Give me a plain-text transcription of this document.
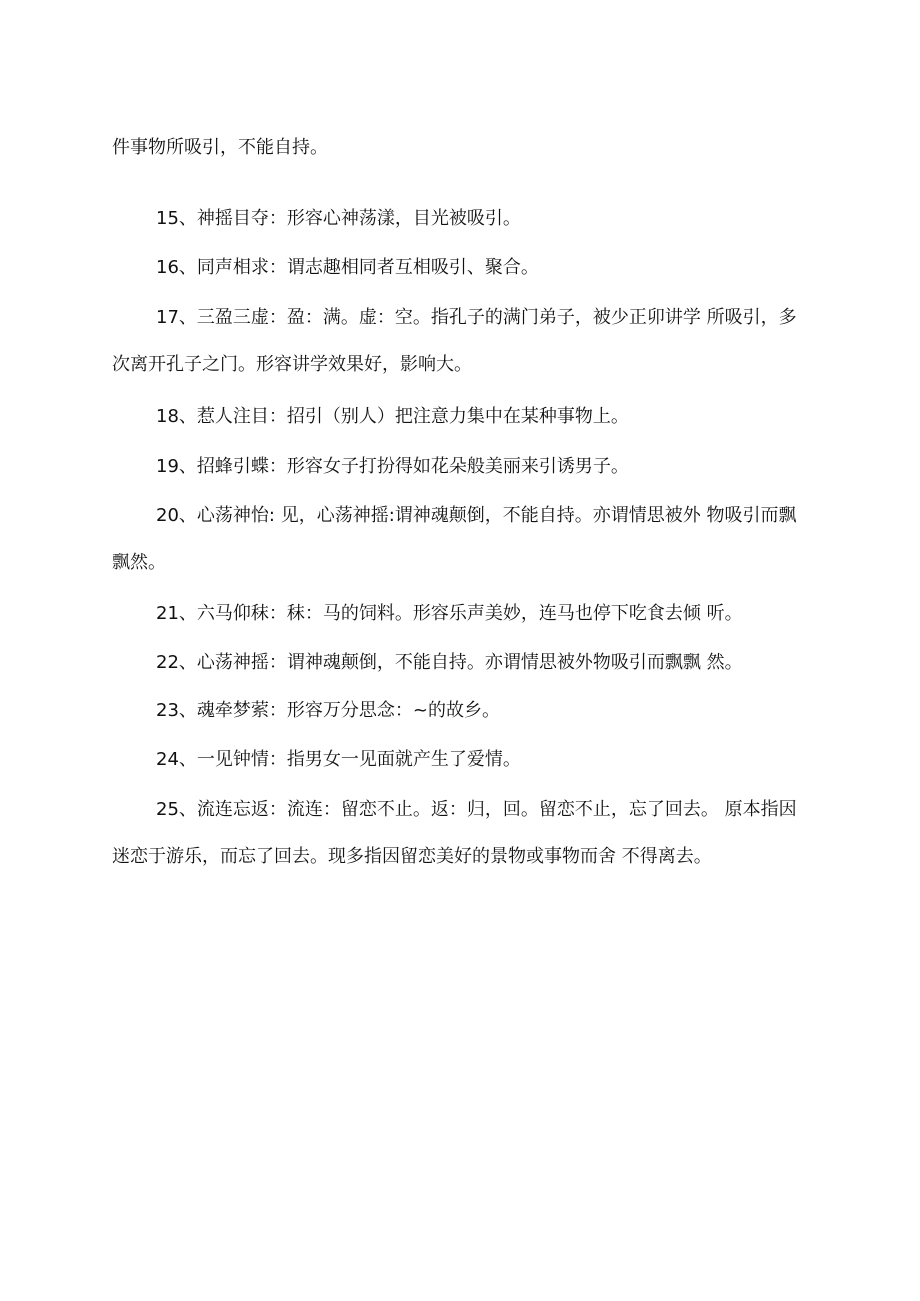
件事物所吸引，不能自持。

15、神摇目夺：形容心神荡漾，目光被吸引。

16、同声相求：谓志趣相同者互相吸引、聚合。

17、三盈三虚：盈：满。虚：空。指孔子的满门弟子，被少正卯讲学 所吸引，多次离开孔子之门。形容讲学效果好，影响大。

18、惹人注目：招引（别人）把注意力集中在某种事物上。

19、招蜂引蝶：形容女子打扮得如花朵般美丽来引诱男子。

20、心荡神怡: 见，心荡神摇:谓神魂颠倒，不能自持。亦谓情思被外 物吸引而飘飘然。

21、六马仰秣：秣：马的饲料。形容乐声美妙，连马也停下吃食去倾 听。

22、心荡神摇：谓神魂颠倒，不能自持。亦谓情思被外物吸引而飘飘 然。

23、魂牵梦萦：形容万分思念：~的故乡。

24、一见钟情：指男女一见面就产生了爱情。

25、流连忘返：流连：留恋不止。返：归，回。留恋不止，忘了回去。 原本指因迷恋于游乐，而忘了回去。现多指因留恋美好的景物或事物而舍 不得离去。
